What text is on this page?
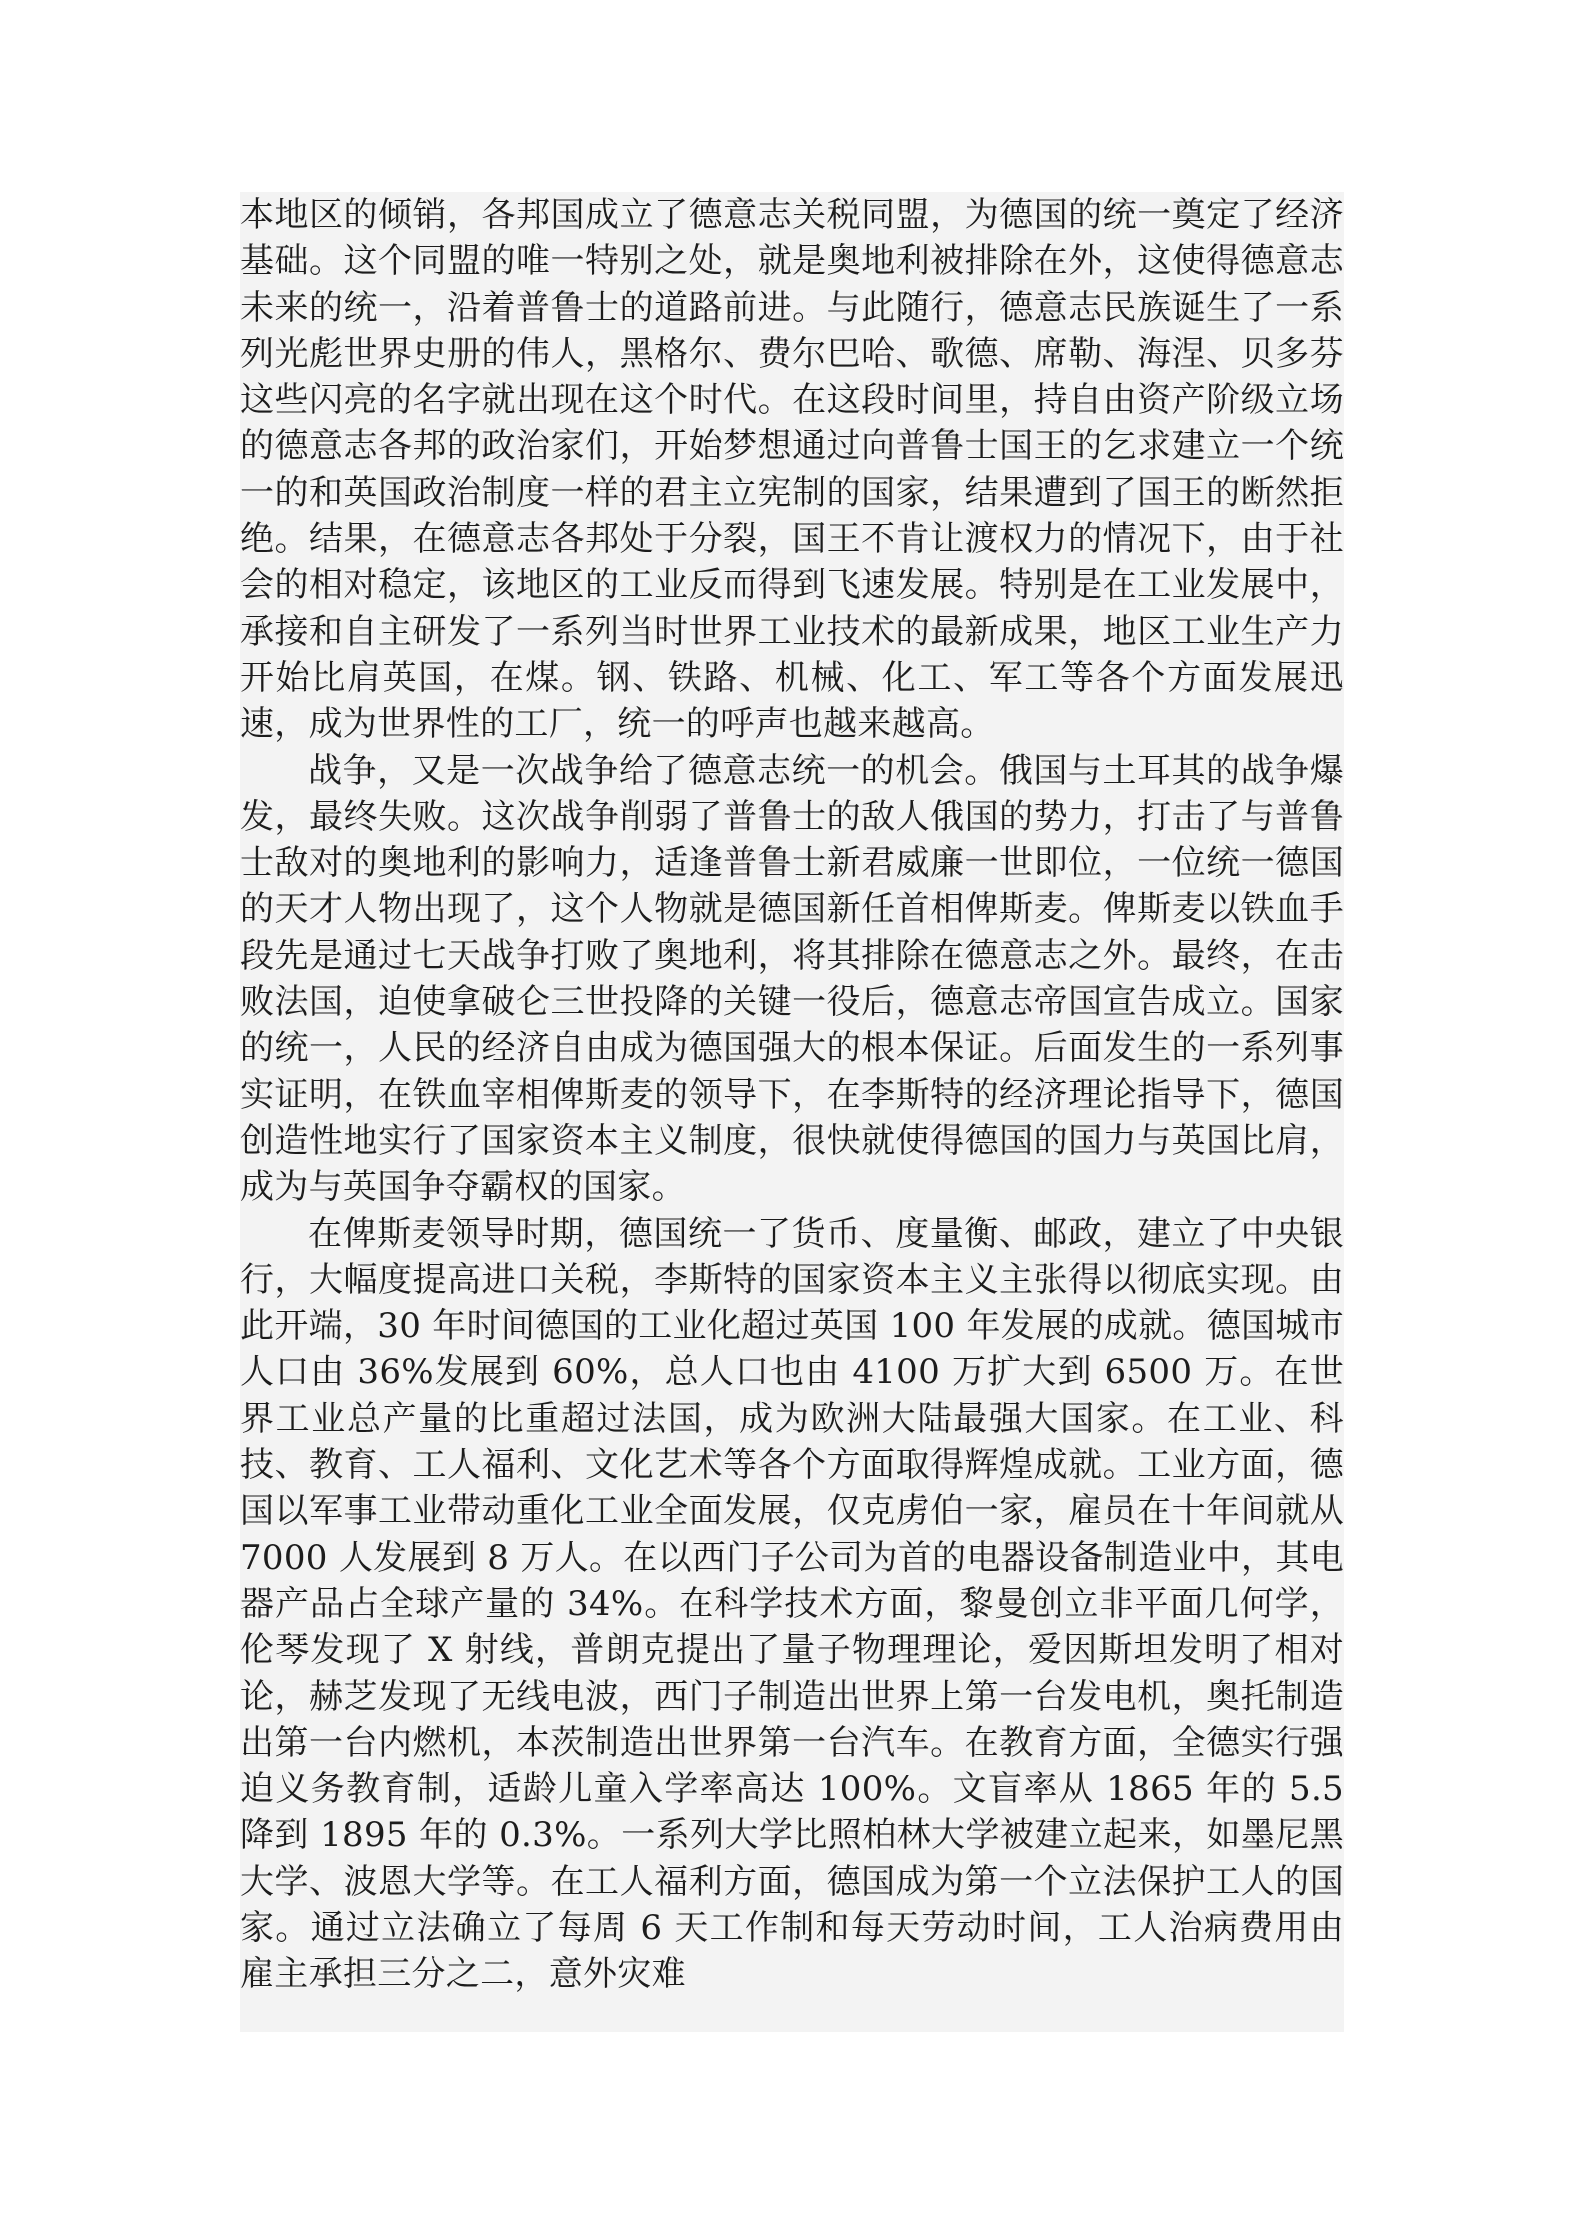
本地区的倾销，各邦国成立了德意志关税同盟，为德国的统一奠定了经济基础。这个同盟的唯一特别之处，就是奥地利被排除在外，这使得德意志未来的统一，沿着普鲁士的道路前进。与此随行，德意志民族诞生了一系列光彪世界史册的伟人，黑格尔、费尔巴哈、歌德、席勒、海涅、贝多芬这些闪亮的名字就出现在这个时代。在这段时间里，持自由资产阶级立场的德意志各邦的政治家们，开始梦想通过向普鲁士国王的乞求建立一个统一的和英国政治制度一样的君主立宪制的国家，结果遭到了国王的断然拒绝。结果，在德意志各邦处于分裂，国王不肯让渡权力的情况下，由于社会的相对稳定，该地区的工业反而得到飞速发展。特别是在工业发展中，承接和自主研发了一系列当时世界工业技术的最新成果，地区工业生产力开始比肩英国，在煤。钢、铁路、机械、化工、军工等各个方面发展迅速，成为世界性的工厂，统一的呼声也越来越高。

战争，又是一次战争给了德意志统一的机会。俄国与土耳其的战争爆发，最终失败。这次战争削弱了普鲁士的敌人俄国的势力，打击了与普鲁士敌对的奥地利的影响力，适逢普鲁士新君威廉一世即位，一位统一德国的天才人物出现了，这个人物就是德国新任首相俾斯麦。俾斯麦以铁血手段先是通过七天战争打败了奥地利，将其排除在德意志之外。最终，在击败法国，迫使拿破仑三世投降的关键一役后，德意志帝国宣告成立。国家的统一，人民的经济自由成为德国强大的根本保证。后面发生的一系列事实证明，在铁血宰相俾斯麦的领导下，在李斯特的经济理论指导下，德国创造性地实行了国家资本主义制度，很快就使得德国的国力与英国比肩，成为与英国争夺霸权的国家。

在俾斯麦领导时期，德国统一了货币、度量衡、邮政，建立了中央银行，大幅度提高进口关税，李斯特的国家资本主义主张得以彻底实现。由此开端，30 年时间德国的工业化超过英国 100 年发展的成就。德国城市人口由 36%发展到 60%，总人口也由 4100 万扩大到 6500 万。在世界工业总产量的比重超过法国，成为欧洲大陆最强大国家。在工业、科技、教育、工人福利、文化艺术等各个方面取得辉煌成就。工业方面，德国以军事工业带动重化工业全面发展，仅克虏伯一家，雇员在十年间就从 7000 人发展到 8 万人。在以西门子公司为首的电器设备制造业中，其电器产品占全球产量的 34%。在科学技术方面，黎曼创立非平面几何学，伦琴发现了 X 射线，普朗克提出了量子物理理论，爱因斯坦发明了相对论，赫芝发现了无线电波，西门子制造出世界上第一台发电机，奥托制造出第一台内燃机，本茨制造出世界第一台汽车。在教育方面，全德实行强迫义务教育制，适龄儿童入学率高达 100%。文盲率从 1865 年的 5.5 降到 1895 年的 0.3%。一系列大学比照柏林大学被建立起来，如墨尼黑大学、波恩大学等。在工人福利方面，德国成为第一个立法保护工人的国家。通过立法确立了每周 6 天工作制和每天劳动时间，工人治病费用由雇主承担三分之二，意外灾难
